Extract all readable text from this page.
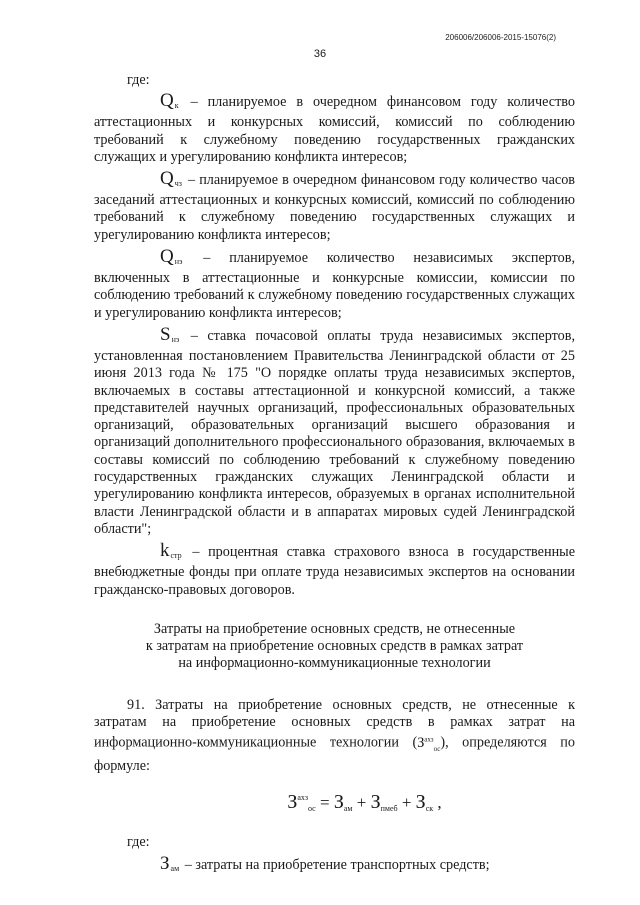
206006/206006-2015-15076(2)
36

где:

$Q_к$ – планируемое в очередном финансовом году количество аттестационных и конкурсных комиссий, комиссий по соблюдению требований к служебному поведению государственных гражданских служащих и урегулированию конфликта интересов;

$Q_{чз}$ – планируемое в очередном финансовом году количество часов заседаний аттестационных и конкурсных комиссий, комиссий по соблюдению требований к служебному поведению государственных служащих и урегулированию конфликта интересов;

$Q_{нэ}$ – планируемое количество независимых экспертов, включенных в аттестационные и конкурсные комиссии, комиссии по соблюдению требований к служебному поведению государственных служащих и урегулированию конфликта интересов;

$S_{нэ}$ – ставка почасовой оплаты труда независимых экспертов, установленная постановлением Правительства Ленинградской области от 25 июня 2013 года № 175 "О порядке оплаты труда независимых экспертов, включаемых в составы аттестационной и конкурсной комиссий, а также представителей научных организаций, профессиональных образовательных организаций, образовательных организаций высшего образования и организаций дополнительного профессионального образования, включаемых в составы комиссий по соблюдению требований к служебному поведению государственных гражданских служащих Ленинградской области и урегулированию конфликта интересов, образуемых в органах исполнительной власти Ленинградской области и в аппаратах мировых судей Ленинградской области";

$k_{стр}$ – процентная ставка страхового взноса в государственные внебюджетные фонды при оплате труда независимых экспертов на основании гражданско-правовых договоров.

Затраты на приобретение основных средств, не отнесенные
к затратам на приобретение основных средств в рамках затрат
на информационно-коммуникационные технологии

91. Затраты на приобретение основных средств, не отнесенные к затратам на приобретение основных средств в рамках затрат на информационно-коммуникационные технологии $(З^{ахз}_{ос})$, определяются по формуле:

$З^{ахз}_{ос} = З_{ам} + З_{пмеб} + З_{ск}$ ,

где:

$З_{ам}$ – затраты на приобретение транспортных средств;
